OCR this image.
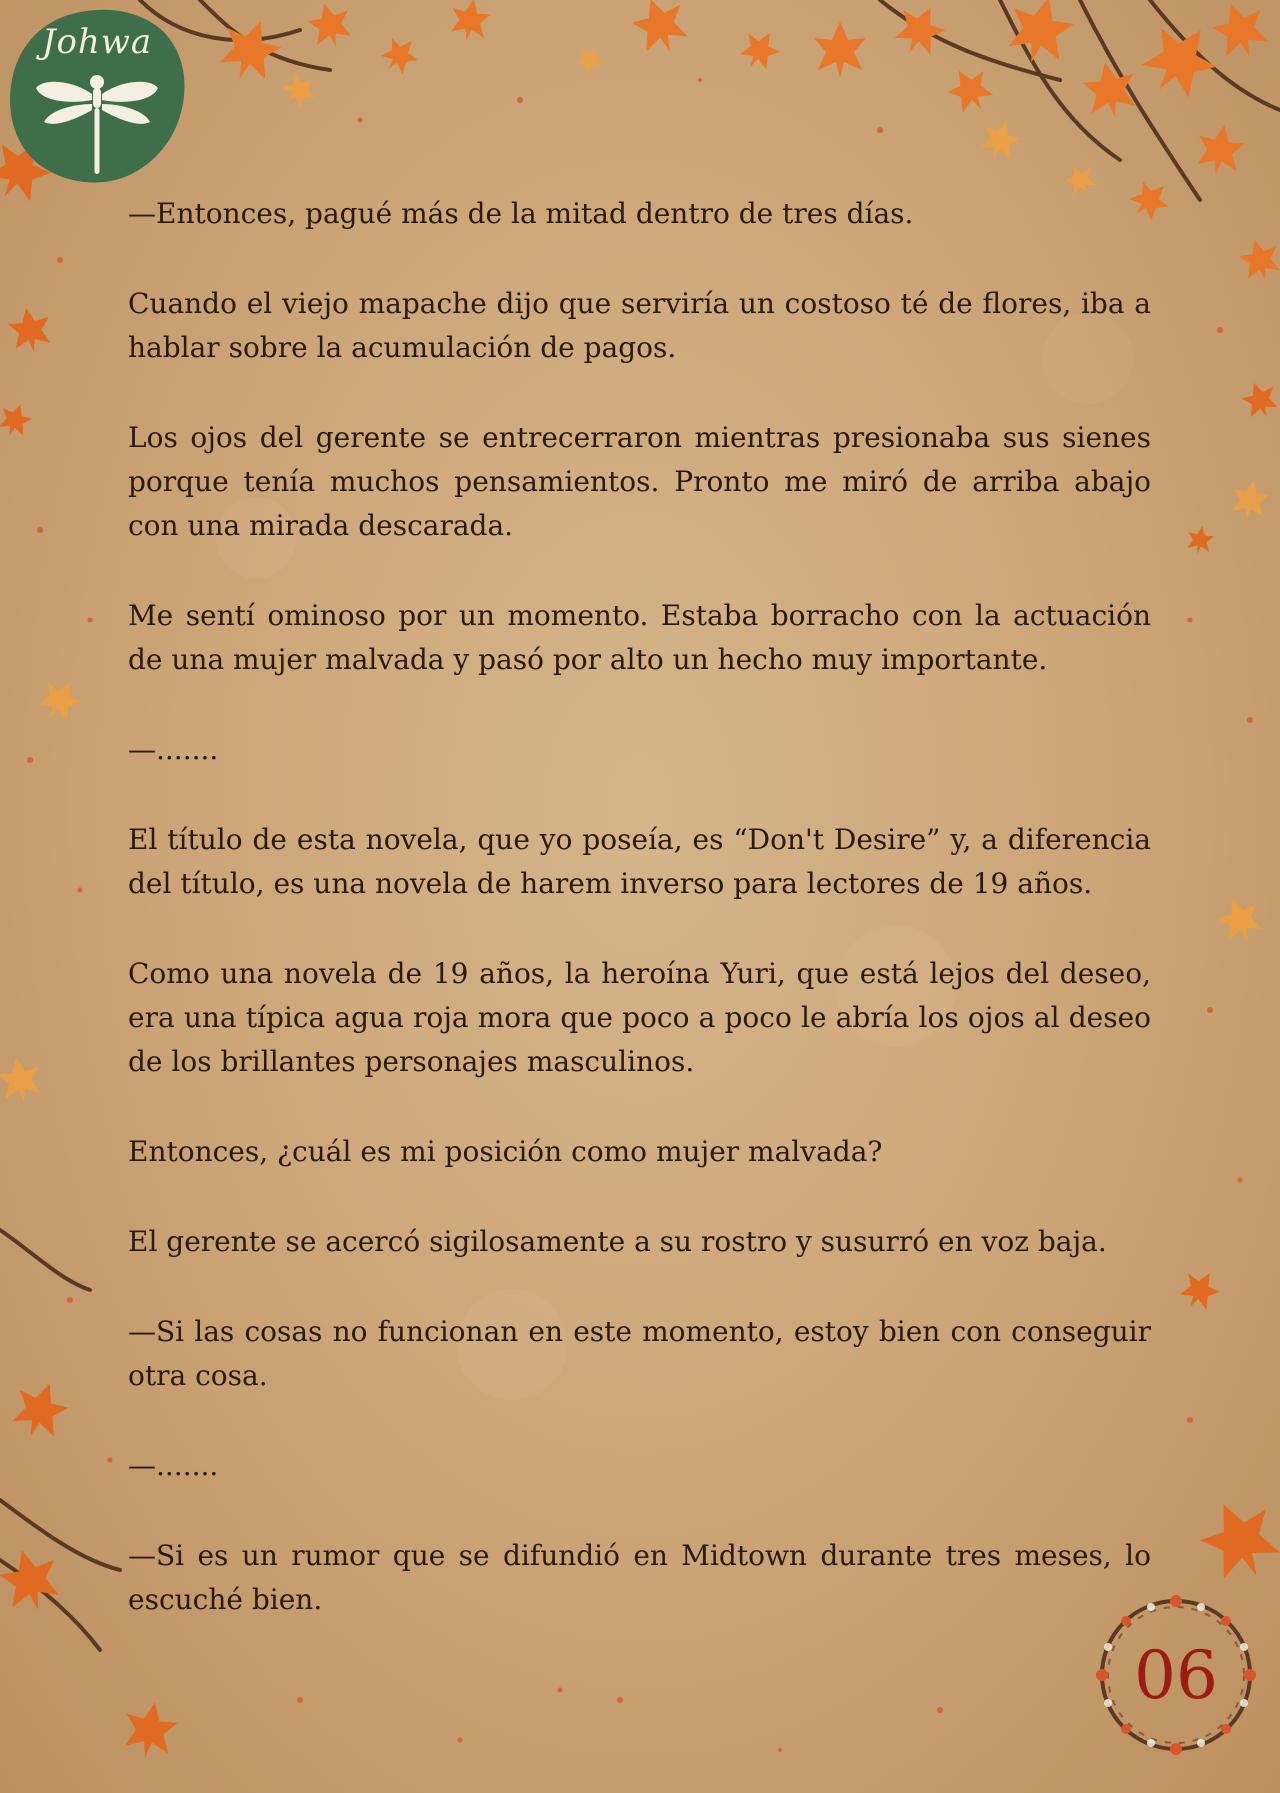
Johwa

—Entonces, pagué más de la mitad dentro de tres días.

Cuando el viejo mapache dijo que serviría un costoso té de flores, iba a hablar sobre la acumulación de pagos.

Los ojos del gerente se entrecerraron mientras presionaba sus sienes porque tenía muchos pensamientos. Pronto me miró de arriba abajo con una mirada descarada.

Me sentí ominoso por un momento. Estaba borracho con la actuación de una mujer malvada y pasó por alto un hecho muy importante.

—.......

El título de esta novela, que yo poseía, es “Don't Desire” y, a diferencia del título, es una novela de harem inverso para lectores de 19 años.

Como una novela de 19 años, la heroína Yuri, que está lejos del deseo, era una típica agua roja mora que poco a poco le abría los ojos al deseo de los brillantes personajes masculinos.

Entonces, ¿cuál es mi posición como mujer malvada?

El gerente se acercó sigilosamente a su rostro y susurró en voz baja.

—Si las cosas no funcionan en este momento, estoy bien con conseguir otra cosa.

—.......

—Si es un rumor que se difundió en Midtown durante tres meses, lo escuché bien.

06
